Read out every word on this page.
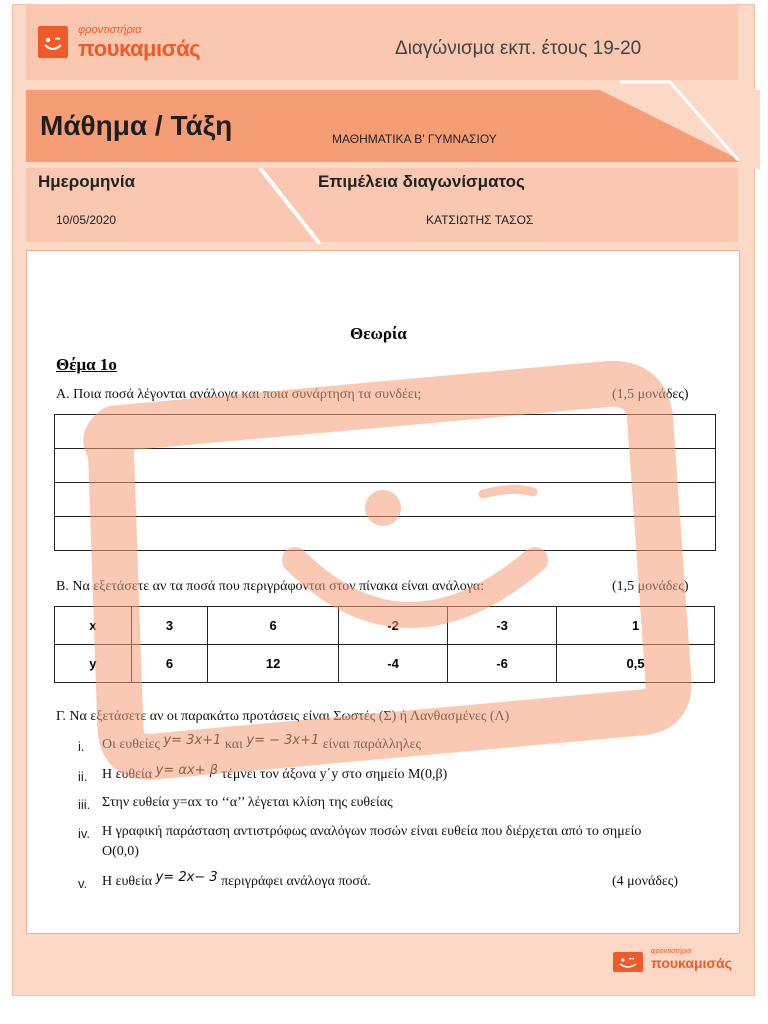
φροντιστήρια
πουκαμισάς	Διαγώνισμα εκπ. έτους 19-20
Μάθημα / Τάξη	ΜΑΘΗΜΑΤΙΚΑ Β' ΓΥΜΝΑΣΙΟΥ
Ημερομηνία	Επιμέλεια διαγωνίσματος
10/05/2020	ΚΑΤΣΙΩΤΗΣ ΤΑΣΟΣ
Θεωρία
Θέμα 1ο
Α. Ποια ποσά λέγονται ανάλογα και ποια συνάρτηση τα συνδέει;	(1,5 μονάδες)
Β. Να εξετάσετε αν τα ποσά που περιγράφονται στον πίνακα είναι ανάλογα:	(1,5 μονάδες)
x	3	6	-2	-3	1
y	6	12	-4	-6	0,5
Γ. Να εξετάσετε αν οι παρακάτω προτάσεις είναι Σωστές (Σ) ή Λανθασμένες (Λ)
i. Οι ευθείες y= 3x+1 και y= − 3x+1 είναι παράλληλες
ii. Η ευθεία y= αx+ β τέμνει τον άξονα y΄y στο σημείο Μ(0,β)
iii. Στην ευθεία y=αx το ‘‘α’’ λέγεται κλίση της ευθείας
iv. Η γραφική παράσταση αντιστρόφως αναλόγων ποσών είναι ευθεία που διέρχεται από το σημείο
Ο(0,0)
v. Η ευθεία y= 2x− 3 περιγράφει ανάλογα ποσά.	(4 μονάδες)
φροντιστήρια
πουκαμισάς
